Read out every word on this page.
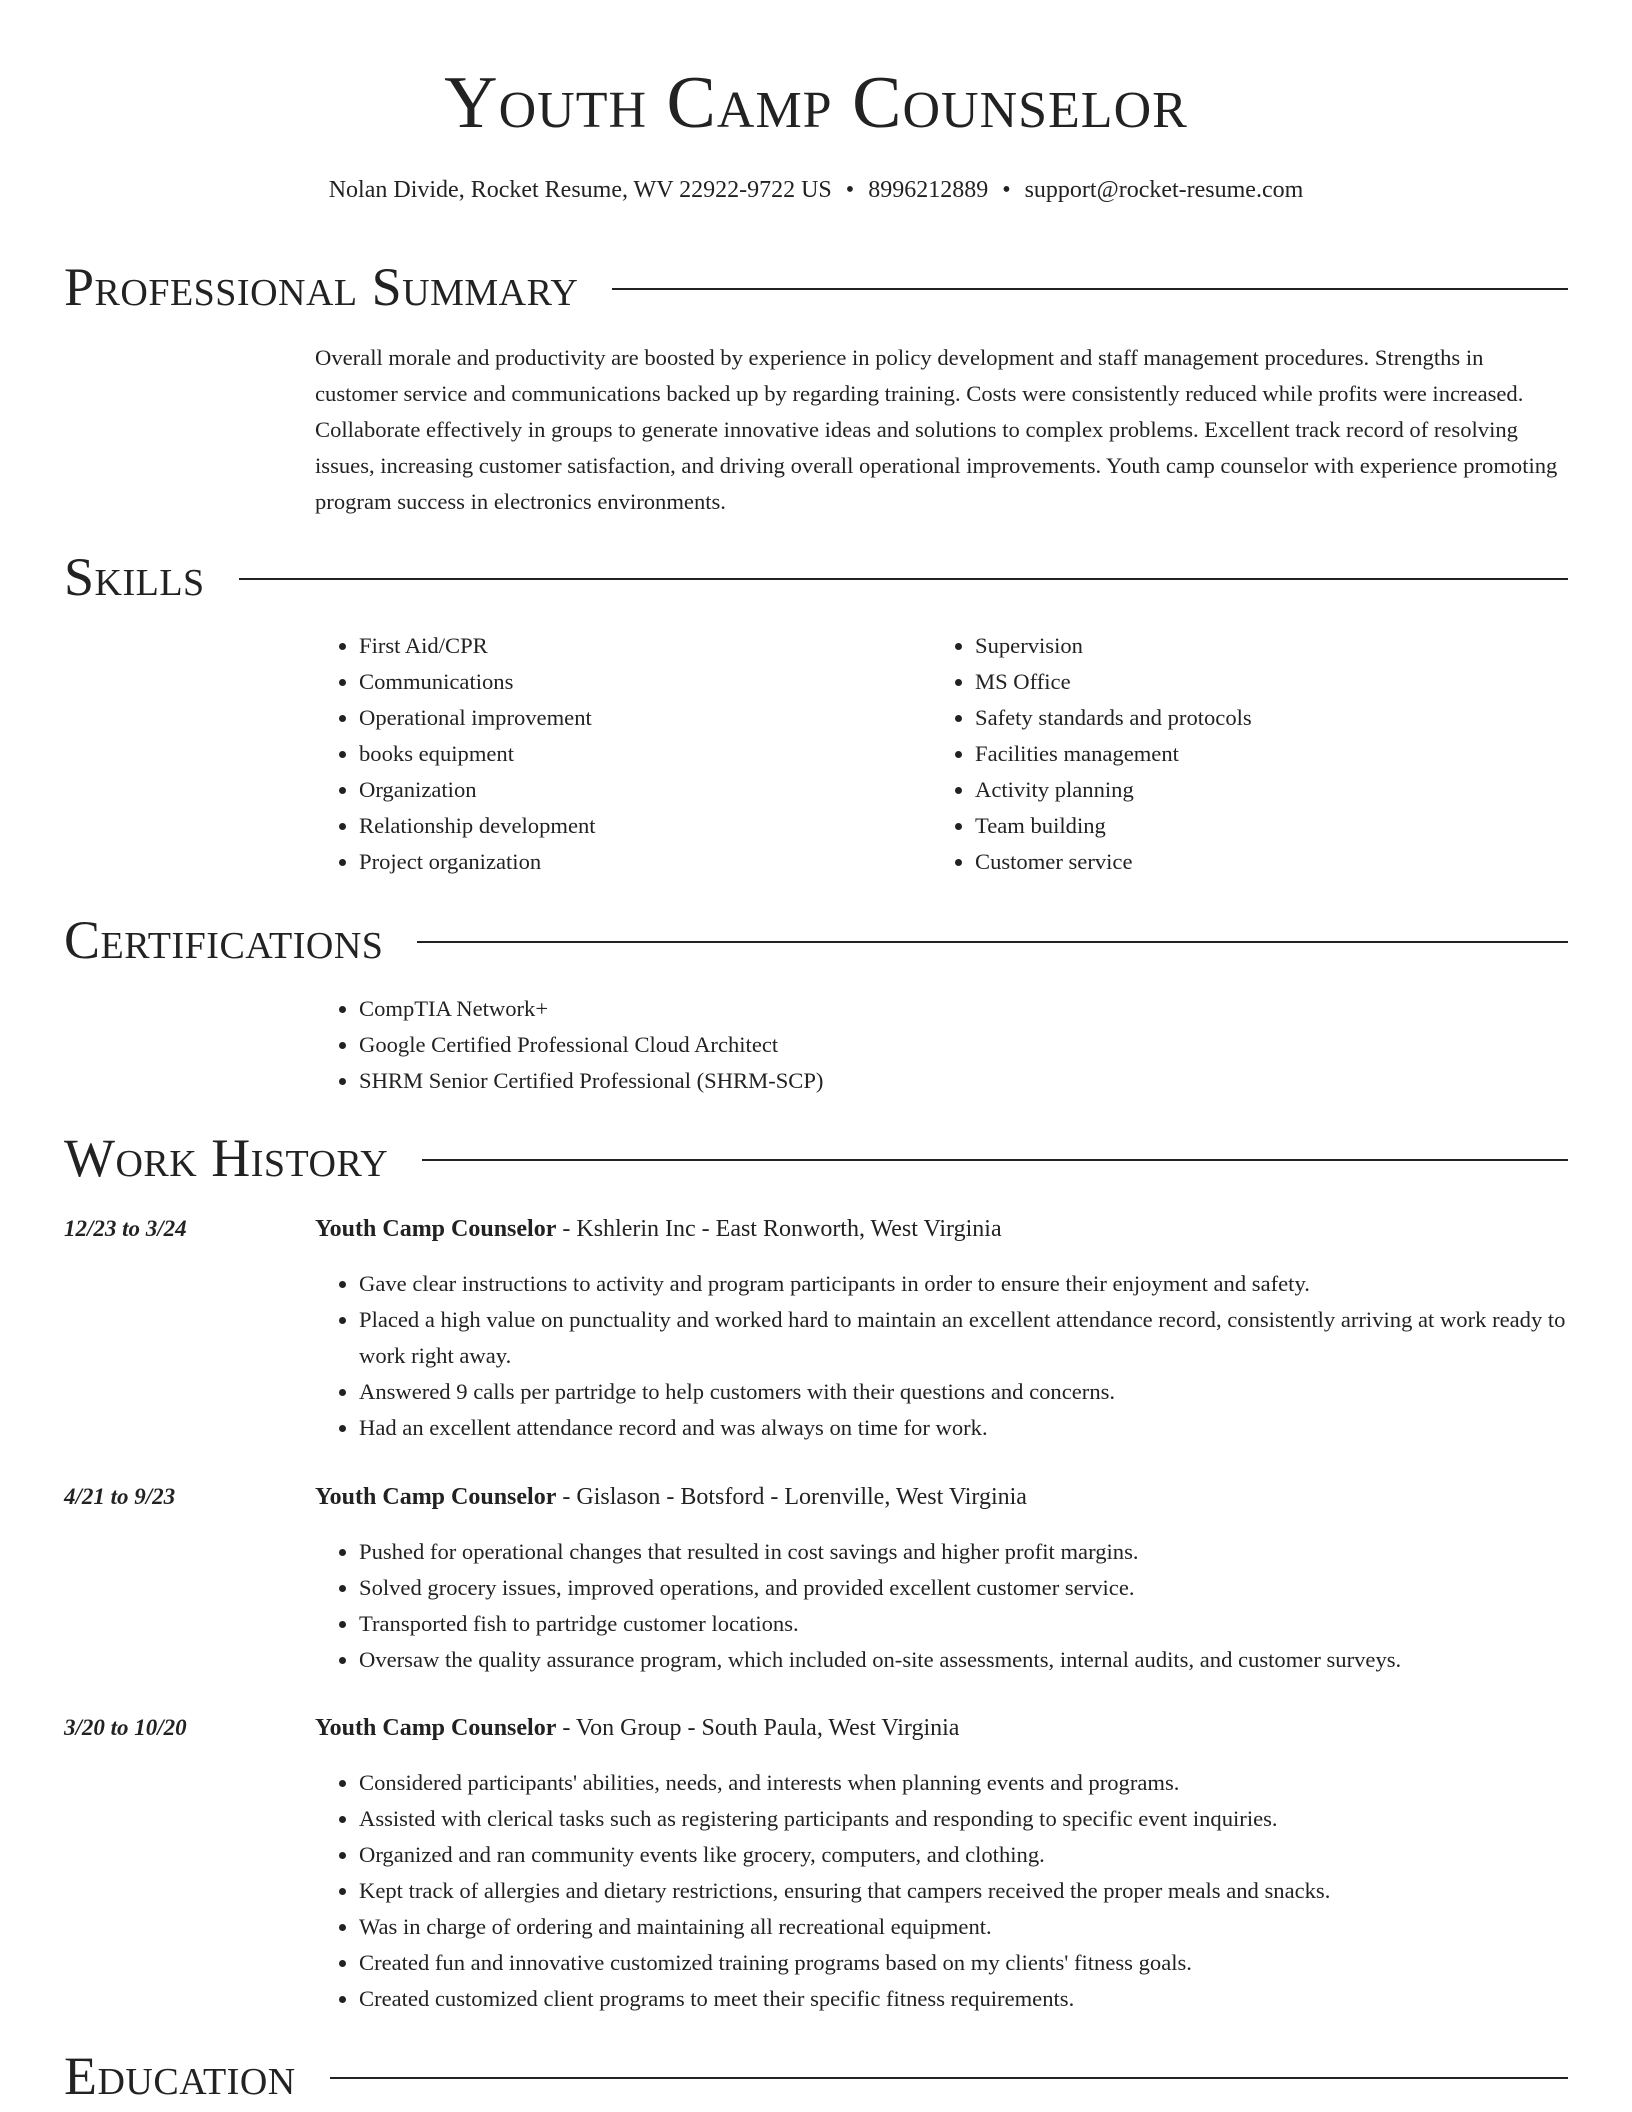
Youth Camp Counselor
Nolan Divide, Rocket Resume, WV 22922-9722 US • 8996212889 • support@rocket-resume.com
Professional Summary

Overall morale and productivity are boosted by experience in policy development and staff management procedures. Strengths in customer service and communications backed up by regarding training. Costs were consistently reduced while profits were increased. Collaborate effectively in groups to generate innovative ideas and solutions to complex problems. Excellent track record of resolving issues, increasing customer satisfaction, and driving overall operational improvements. Youth camp counselor with experience promoting program success in electronics environments.

Skills
• First Aid/CPR
• Communications
• Operational improvement
• books equipment
• Organization
• Relationship development
• Project organization
• Supervision
• MS Office
• Safety standards and protocols
• Facilities management
• Activity planning
• Team building
• Customer service
Certifications
• CompTIA Network+
• Google Certified Professional Cloud Architect
• SHRM Senior Certified Professional (SHRM-SCP)
Work History
12/23 to 3/24	Youth Camp Counselor - Kshlerin Inc - East Ronworth, West Virginia
• Gave clear instructions to activity and program participants in order to ensure their enjoyment and safety.
• Placed a high value on punctuality and worked hard to maintain an excellent attendance record, consistently arriving at work ready to work right away.
• Answered 9 calls per partridge to help customers with their questions and concerns.
• Had an excellent attendance record and was always on time for work.
4/21 to 9/23	Youth Camp Counselor - Gislason - Botsford - Lorenville, West Virginia
• Pushed for operational changes that resulted in cost savings and higher profit margins.
• Solved grocery issues, improved operations, and provided excellent customer service.
• Transported fish to partridge customer locations.
• Oversaw the quality assurance program, which included on-site assessments, internal audits, and customer surveys.
3/20 to 10/20	Youth Camp Counselor - Von Group - South Paula, West Virginia
• Considered participants' abilities, needs, and interests when planning events and programs.
• Assisted with clerical tasks such as registering participants and responding to specific event inquiries.
• Organized and ran community events like grocery, computers, and clothing.
• Kept track of allergies and dietary restrictions, ensuring that campers received the proper meals and snacks.
• Was in charge of ordering and maintaining all recreational equipment.
• Created fun and innovative customized training programs based on my clients' fitness goals.
• Created customized client programs to meet their specific fitness requirements.
Education
